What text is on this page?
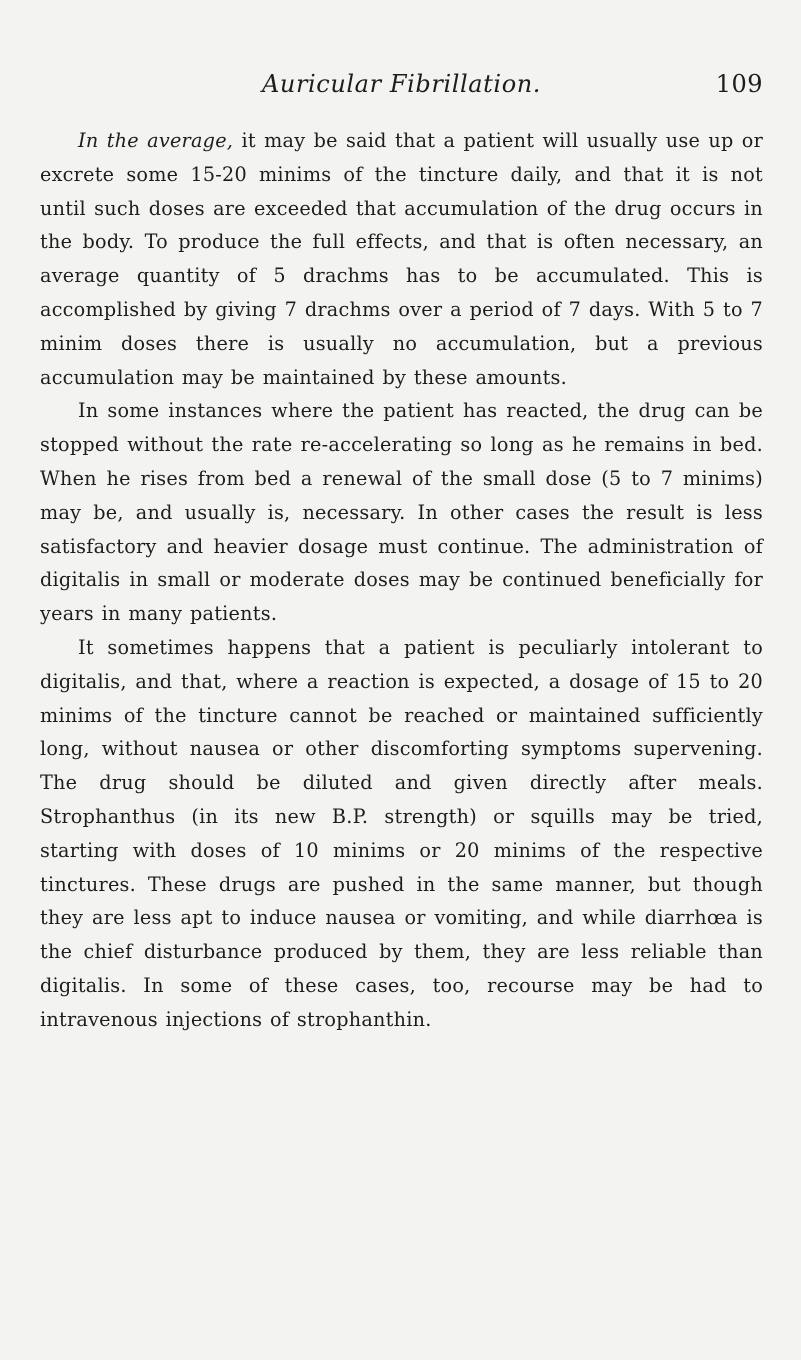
Auricular Fibrillation.	109

In the average, it may be said that a patient will usually use up or excrete some 15-20 minims of the tincture daily, and that it is not until such doses are exceeded that accumulation of the drug occurs in the body. To produce the full effects, and that is often necessary, an average quantity of 5 drachms has to be accumulated. This is accomplished by giving 7 drachms over a period of 7 days. With 5 to 7 minim doses there is usually no accumulation, but a previous accumulation may be maintained by these amounts.

In some instances where the patient has reacted, the drug can be stopped without the rate re-accelerating so long as he remains in bed. When he rises from bed a renewal of the small dose (5 to 7 minims) may be, and usually is, necessary. In other cases the result is less satisfactory and heavier dosage must continue. The administration of digitalis in small or moderate doses may be continued beneficially for years in many patients.

It sometimes happens that a patient is peculiarly intolerant to digitalis, and that, where a reaction is expected, a dosage of 15 to 20 minims of the tincture cannot be reached or maintained sufficiently long, without nausea or other discomforting symptoms supervening. The drug should be diluted and given directly after meals. Strophanthus (in its new B.P. strength) or squills may be tried, starting with doses of 10 minims or 20 minims of the respective tinctures. These drugs are pushed in the same manner, but though they are less apt to induce nausea or vomiting, and while diarrhœa is the chief disturbance produced by them, they are less reliable than digitalis. In some of these cases, too, recourse may be had to intravenous injections of strophanthin.
